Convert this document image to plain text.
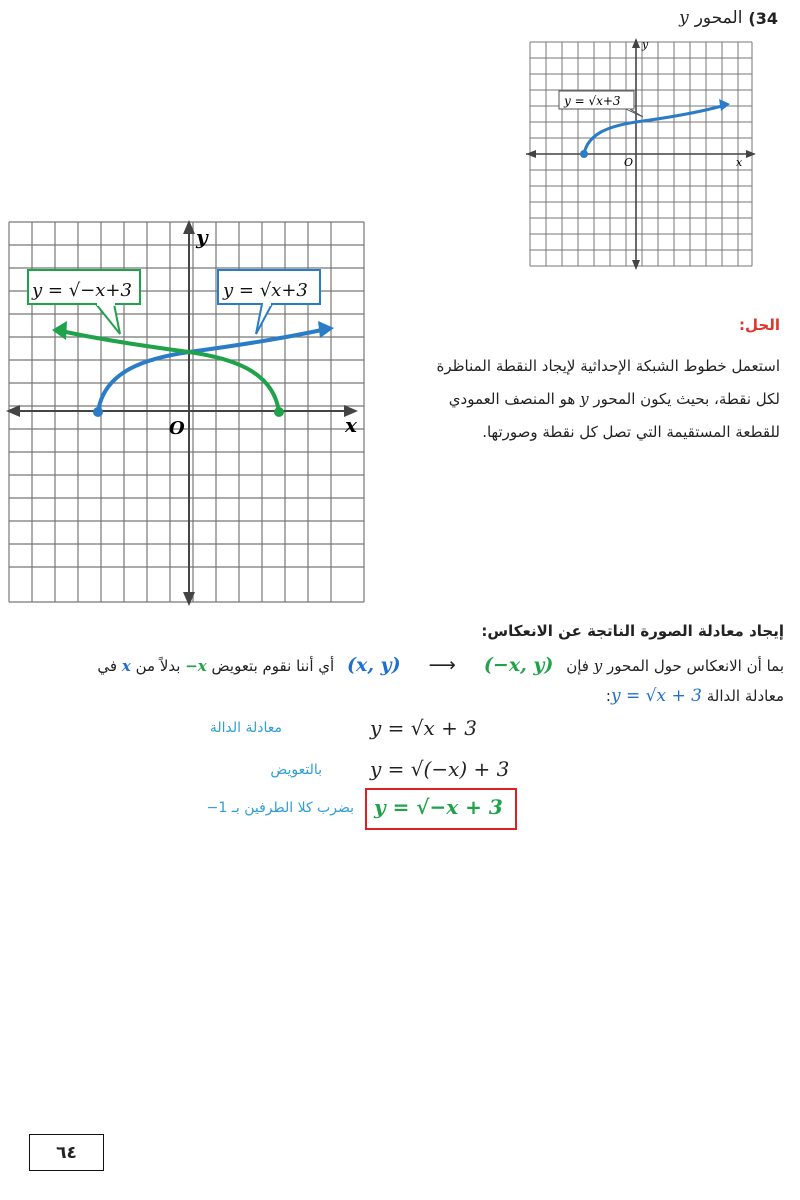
34)
المحور
y
y = √x+3
y
x
O
y = √−x+3	y = √x+3
y
x
O
الحل:
استعمل خطوط الشبكة الإحداثية لإيجاد النقطة المناظرة
لكل نقطة، بحيث يكون المحور y هو المنصف العمودي
للقطعة المستقيمة التي تصل كل نقطة وصورتها.
إيجاد معادلة الصورة الناتجة عن الانعكاس:
بما أن الانعكاس حول المحور y فإن (x, y) ⟶ (−x, y) أي أننا نقوم بتعويض −x بدلاً من x في
معادلة الدالة y = √x + 3:
معادلة الدالة	y = √x + 3
بالتعويض y = √(−x) + 3
بضرب كلا الطرفين بـ −1	y = √−x + 3
٦٤
